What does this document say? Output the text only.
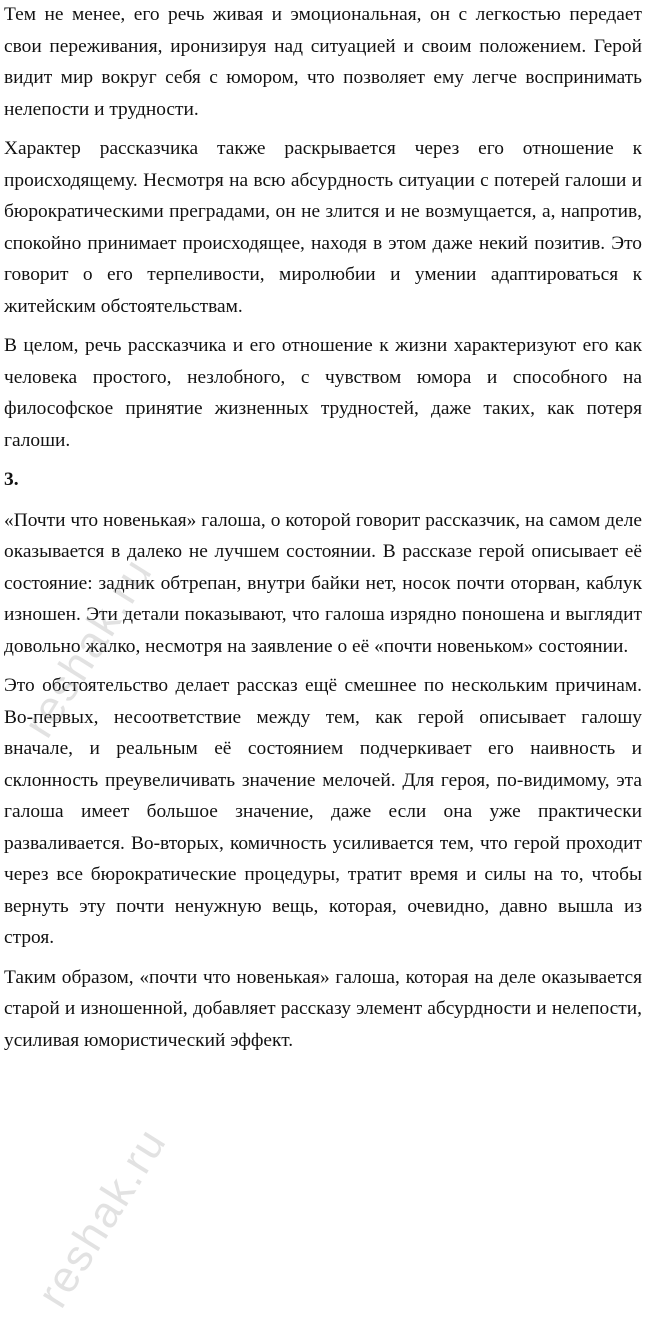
Тем не менее, его речь живая и эмоциональная, он с легкостью передает свои переживания, иронизируя над ситуацией и своим положением. Герой видит мир вокруг себя с юмором, что позволяет ему легче воспринимать нелепости и трудности.

Характер рассказчика также раскрывается через его отношение к происходящему. Несмотря на всю абсурдность ситуации с потерей галоши и бюрократическими преградами, он не злится и не возмущается, а, напротив, спокойно принимает происходящее, находя в этом даже некий позитив. Это говорит о его терпеливости, миролюбии и умении адаптироваться к житейским обстоятельствам.

В целом, речь рассказчика и его отношение к жизни характеризуют его как человека простого, незлобного, с чувством юмора и способного на философское принятие жизненных трудностей, даже таких, как потеря галоши.

3.

«Почти что новенькая» галоша, о которой говорит рассказчик, на самом деле оказывается в далеко не лучшем состоянии. В рассказе герой описывает её состояние: задник обтрепан, внутри байки нет, носок почти оторван, каблук изношен. Эти детали показывают, что галоша изрядно поношена и выглядит довольно жалко, несмотря на заявление о её «почти новеньком» состоянии.

Это обстоятельство делает рассказ ещё смешнее по нескольким причинам. Во-первых, несоответствие между тем, как герой описывает галошу вначале, и реальным её состоянием подчеркивает его наивность и склонность преувеличивать значение мелочей. Для героя, по-видимому, эта галоша имеет большое значение, даже если она уже практически разваливается. Во-вторых, комичность усиливается тем, что герой проходит через все бюрократические процедуры, тратит время и силы на то, чтобы вернуть эту почти ненужную вещь, которая, очевидно, давно вышла из строя.

Таким образом, «почти что новенькая» галоша, которая на деле оказывается старой и изношенной, добавляет рассказу элемент абсурдности и нелепости, усиливая юмористический эффект.

reshak.ru
reshak.ru
